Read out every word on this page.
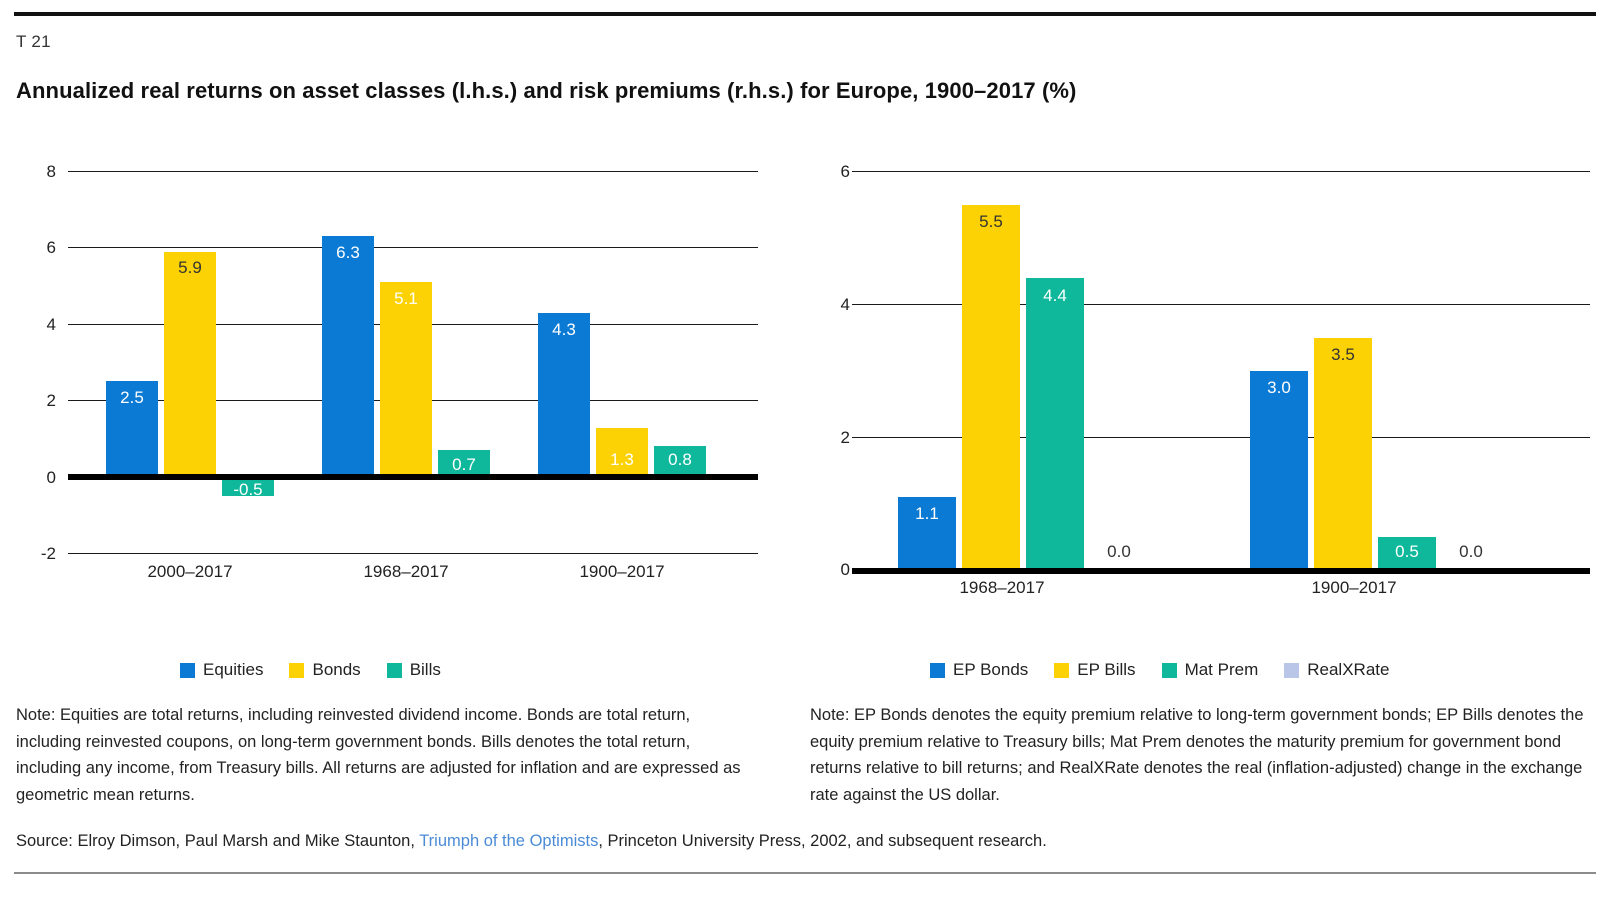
T 21
Annualized real returns on asset classes (l.h.s.) and risk premiums (r.h.s.) for Europe, 1900–2017 (%)
8
6
4
2
0
-2
2.5
5.9
-0.5
6.3
5.1
0.7
4.3
1.3	0.8
2000–2017	1968–2017	1900–2017
Equities	Bonds	Bills
6
4
2
0
1.1
5.5
4.4
0.0
3.0
3.5
0.5	0.0
1968–2017	1900–2017
EP Bonds	EP Bills	Mat Prem	RealXRate
Note: Equities are total returns, including reinvested dividend income. Bonds are total return, including reinvested coupons, on long-term government bonds. Bills denotes the total return, including any income, from Treasury bills. All returns are adjusted for inflation and are expressed as geometric mean returns.
Note: EP Bonds denotes the equity premium relative to long-term government bonds; EP Bills denotes the equity premium relative to Treasury bills; Mat Prem denotes the maturity premium for government bond returns relative to bill returns; and RealXRate denotes the real (inflation-adjusted) change in the exchange rate against the US dollar.
Source: Elroy Dimson, Paul Marsh and Mike Staunton, Triumph of the Optimists, Princeton University Press, 2002, and subsequent research.
